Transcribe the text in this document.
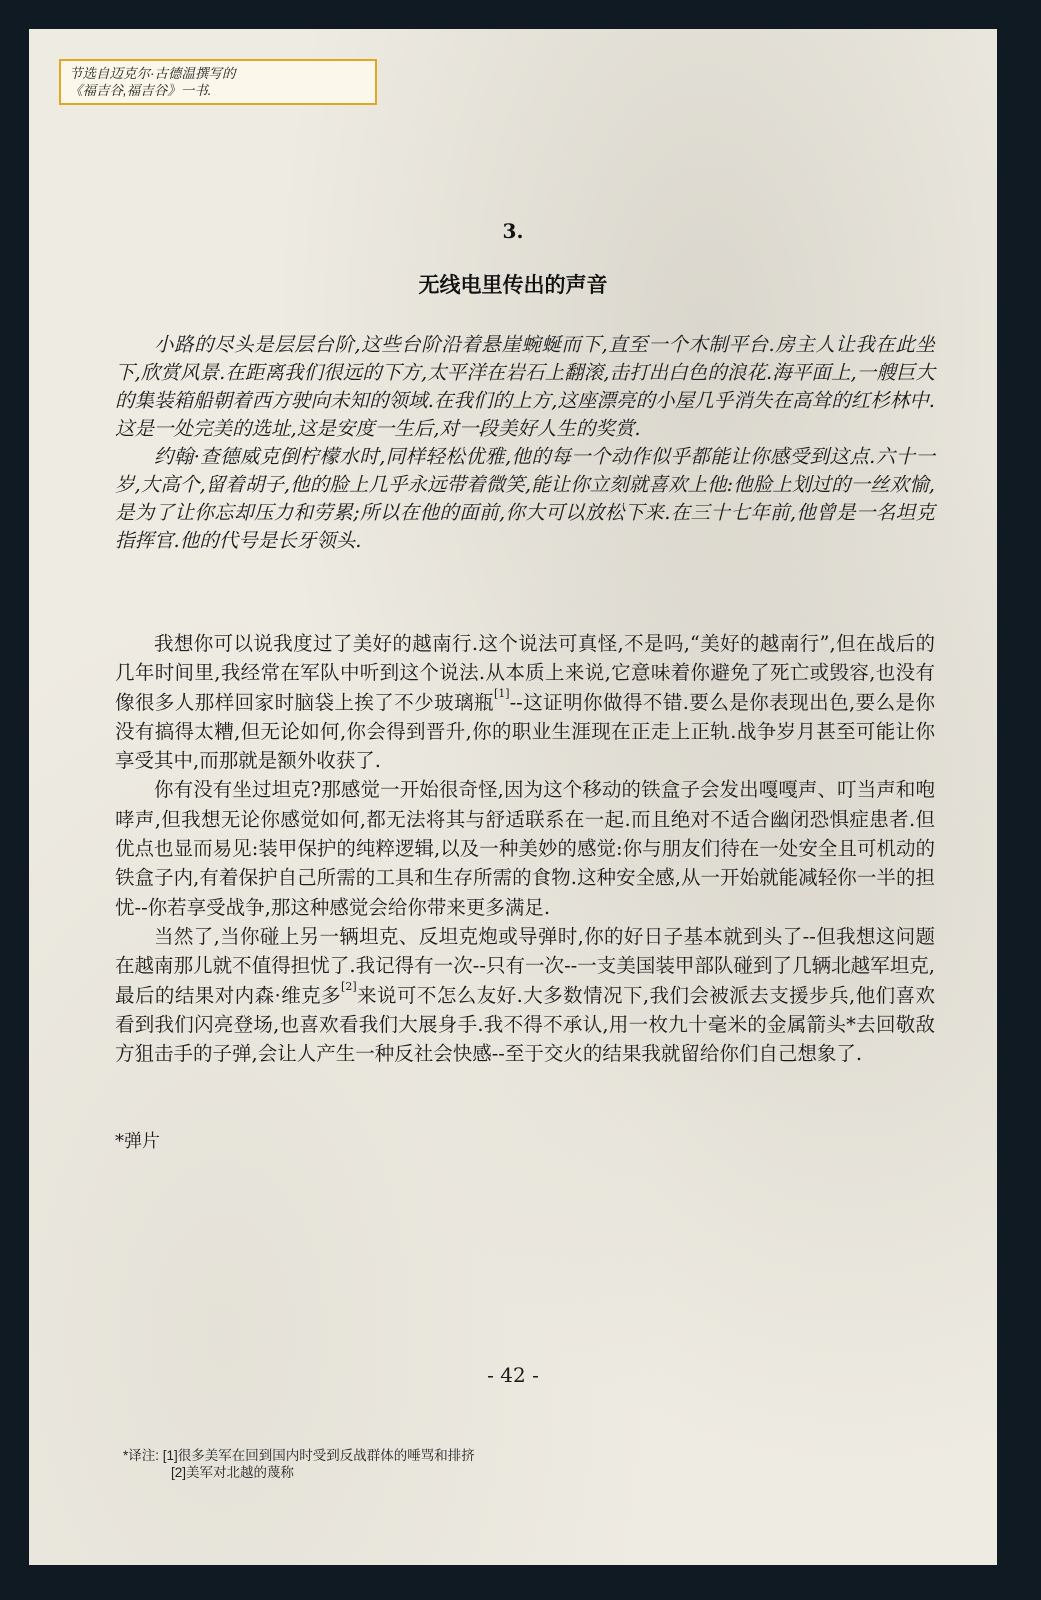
节选自迈克尔·古德温撰写的
《福吉谷,福吉谷》一书.
3.
无线电里传出的声音

小路的尽头是层层台阶,这些台阶沿着悬崖蜿蜒而下,直至一个木制平台.房主人让我在此坐下,欣赏风景.在距离我们很远的下方,太平洋在岩石上翻滚,击打出白色的浪花.海平面上,一艘巨大的集装箱船朝着西方驶向未知的领域.在我们的上方,这座漂亮的小屋几乎消失在高耸的红杉林中.这是一处完美的选址,这是安度一生后,对一段美好人生的奖赏.

约翰·查德威克倒柠檬水时,同样轻松优雅,他的每一个动作似乎都能让你感受到这点.六十一岁,大高个,留着胡子,他的脸上几乎永远带着微笑,能让你立刻就喜欢上他:他脸上划过的一丝欢愉,是为了让你忘却压力和劳累;所以在他的面前,你大可以放松下来.在三十七年前,他曾是一名坦克指挥官.他的代号是长牙领头.

我想你可以说我度过了美好的越南行.这个说法可真怪,不是吗,“美好的越南行”,但在战后的几年时间里,我经常在军队中听到这个说法.从本质上来说,它意味着你避免了死亡或毁容,也没有像很多人那样回家时脑袋上挨了不少玻璃瓶[1]--这证明你做得不错.要么是你表现出色,要么是你没有搞得太糟,但无论如何,你会得到晋升,你的职业生涯现在正走上正轨.战争岁月甚至可能让你享受其中,而那就是额外收获了.

你有没有坐过坦克?那感觉一开始很奇怪,因为这个移动的铁盒子会发出嘎嘎声、叮当声和咆哮声,但我想无论你感觉如何,都无法将其与舒适联系在一起.而且绝对不适合幽闭恐惧症患者.但优点也显而易见:装甲保护的纯粹逻辑,以及一种美妙的感觉:你与朋友们待在一处安全且可机动的铁盒子内,有着保护自己所需的工具和生存所需的食物.这种安全感,从一开始就能减轻你一半的担忧--你若享受战争,那这种感觉会给你带来更多满足.

当然了,当你碰上另一辆坦克、反坦克炮或导弹时,你的好日子基本就到头了--但我想这问题在越南那儿就不值得担忧了.我记得有一次--只有一次--一支美国装甲部队碰到了几辆北越军坦克,最后的结果对内森·维克多[2]来说可不怎么友好.大多数情况下,我们会被派去支援步兵,他们喜欢看到我们闪亮登场,也喜欢看我们大展身手.我不得不承认,用一枚九十毫米的金属箭头*去回敬敌方狙击手的子弹,会让人产生一种反社会快感--至于交火的结果我就留给你们自己想象了.

*弹片
- 42 -
*译注: [1]很多美军在回到国内时受到反战群体的唾骂和排挤
[2]美军对北越的蔑称
